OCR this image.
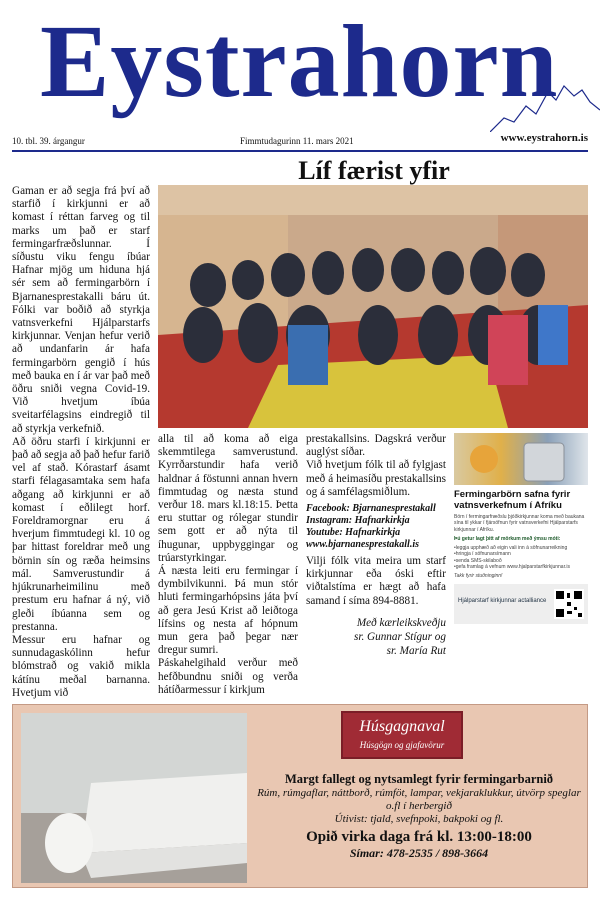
Eystrahorn
10. tbl. 39. árgangur	Fimmtudagurinn 11. mars 2021	www.eystrahorn.is
Líf færist yfir

Gaman er að segja frá því að starfið í kirkjunni er að komast í réttan farveg og til marks um það er starf fermingarfræðslunnar. Í síðustu viku fengu íbúar Hafnar mjög um hiduna hjá sér sem að fermingarbörn í Bjarnanesprestakalli báru út. Fólki var boðið að styrkja vatnsverkefni Hjálparstarfs kirkjunnar. Venjan hefur verið að undanfarin ár hafa fermingarbörn gengið í hús með bauka en í ár var það með öðru sniði vegna Covid-19. Við hvetjum íbúa sveitarfélagsins eindregið til að styrkja verkefnið.

Að öðru starfi í kirkjunni er það að segja að það hefur farið vel af stað. Kórastarf ásamt starfi félagasamtaka sem hafa aðgang að kirkjunni er að komast í eðlilegt horf. Foreldramorgnar eru á hverjum fimmtudegi kl. 10 og þar hittast foreldrar með ung börnin sín og ræða heimsins mál. Samverustundir á hjúkrunarheimilinu með prestum eru hafnar á ný, við gleði íbúanna sem og prestanna.

Messur eru hafnar og sunnudagaskólinn hefur blómstrað og vakið mikla kátínu meðal barnanna. Hvetjum við

alla til að koma að eiga skemmtilega samverustund. Kyrrðarstundir hafa verið haldnar á föstunni annan hvern fimmtudag og næsta stund verður 18. mars kl.18:15. Þetta eru stuttar og rólegar stundir sem gott er að nýta til íhugunar, uppbyggingar og trúarstyrkingar.

Á næsta leiti eru fermingar í dymbilvikunni. Þá mun stór hluti fermingarhópsins játa því að gera Jesú Krist að leiðtoga lífsins og nesta af hópnum mun gera það þegar nær dregur sumri.

Páskahelgihald verður með hefðbundnu sniði og verða hátíðarmessur í kirkjum

prestakallsins. Dagskrá verður auglýst síðar.

Við hvetjum fólk til að fylgjast með á heimasíðu prestakallsins og á samfélagsmiðlum.

Facebook: Bjarnanesprestakall
Instagram: Hafnarkirkja
Youtube: Hafnarkirkja
www.bjarnanesprestakall.is

Vilji fólk vita meira um starf kirkjunnar eða óski eftir viðtalstíma er hægt að hafa samand í síma 894-8881.

Með kærleikskveðju
sr. Gunnar Stígur og
sr. María Rut
Fermingarbörn safna fyrir vatnsverkefnum í Afríku
Börn í fermingarfræðslu þjóðkirkjunnar koma með baukana sína til ykkar í fjársöfnun fyrir vatnsverkefni Hjálparstarfs kirkjunnar í Afríku.
Þú getur lagt þitt af mörkum með ýmsu móti:
• leggja upphæð að eigin vali inn á söfnunarreikning
• hringja í söfnunarsímann
• senda SMS-skilaboð
• gefa framlag á vefnum www.hjalparstarfkirkjunnar.is
Takk fyrir stuðninginn!
Hjálparstarf kirkjunnar actalliance
Húsgagnaval
Húsgögn og gjafavörur
Margt fallegt og nytsamlegt fyrir fermingarbarnið
Rúm, rúmgaflar, náttborð, rúmföt, lampar, vekjaraklukkur, útvörp speglar o.fl í herbergið
Útivist: tjald, svefnpoki, bakpoki og fl.
Opið virka daga frá kl. 13:00-18:00
Símar: 478-2535 / 898-3664
